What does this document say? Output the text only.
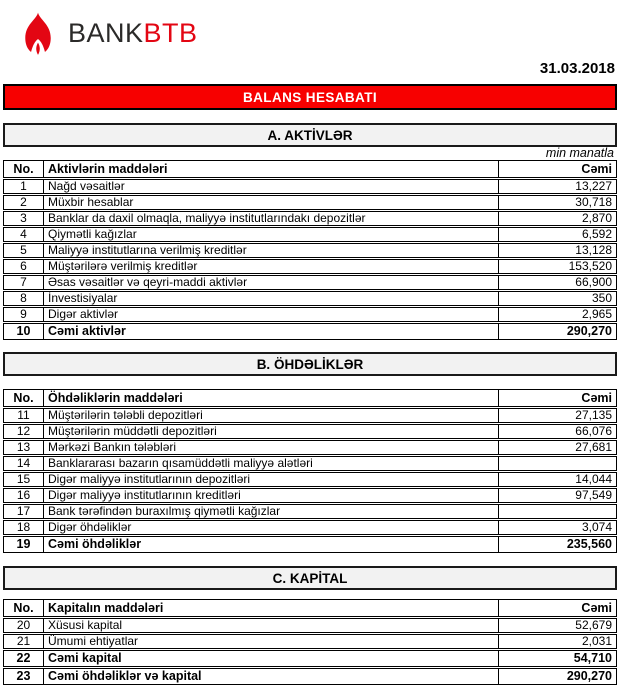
BANK BTB
31.03.2018
BALANS HESABATI
A. AKTİVLƏR
min manatla
No.	Aktivlərin maddələri	Cəmi
1	Nağd vəsaitlər	13,227
2	Müxbir hesablar	30,718
3	Banklar da daxil olmaqla, maliyyə institutlarındakı depozitlər	2,870
4	Qiymətli kağızlar	6,592
5	Maliyyə institutlarına verilmiş kreditlər	13,128
6	Müştərilərə verilmiş kreditlər	153,520
7	Əsas vəsaitlər və qeyri-maddi aktivlər	66,900
8	İnvestisiyalar	350
9	Digər aktivlər	2,965
10	Cəmi aktivlər	290,270
B. ÖHDƏLİKLƏR
No.	Öhdəliklərin maddələri	Cəmi
11	Müştərilərin tələbli depozitləri	27,135
12	Müştərilərin müddətli depozitləri	66,076
13	Mərkəzi Bankın tələbləri	27,681
14	Banklararası bazarın qısamüddətli maliyyə alətləri
15	Digər maliyyə institutlarının depozitləri	14,044
16	Digər maliyyə institutlarının kreditləri	97,549
17	Bank tərəfindən buraxılmış qiymətli kağızlar
18	Digər öhdəliklər	3,074
19	Cəmi öhdəliklər	235,560
C. KAPİTAL
No.	Kapitalın maddələri	Cəmi
20	Xüsusi kapital	52,679
21	Ümumi ehtiyatlar	2,031
22	Cəmi kapital	54,710
23	Cəmi öhdəliklər və kapital	290,270
